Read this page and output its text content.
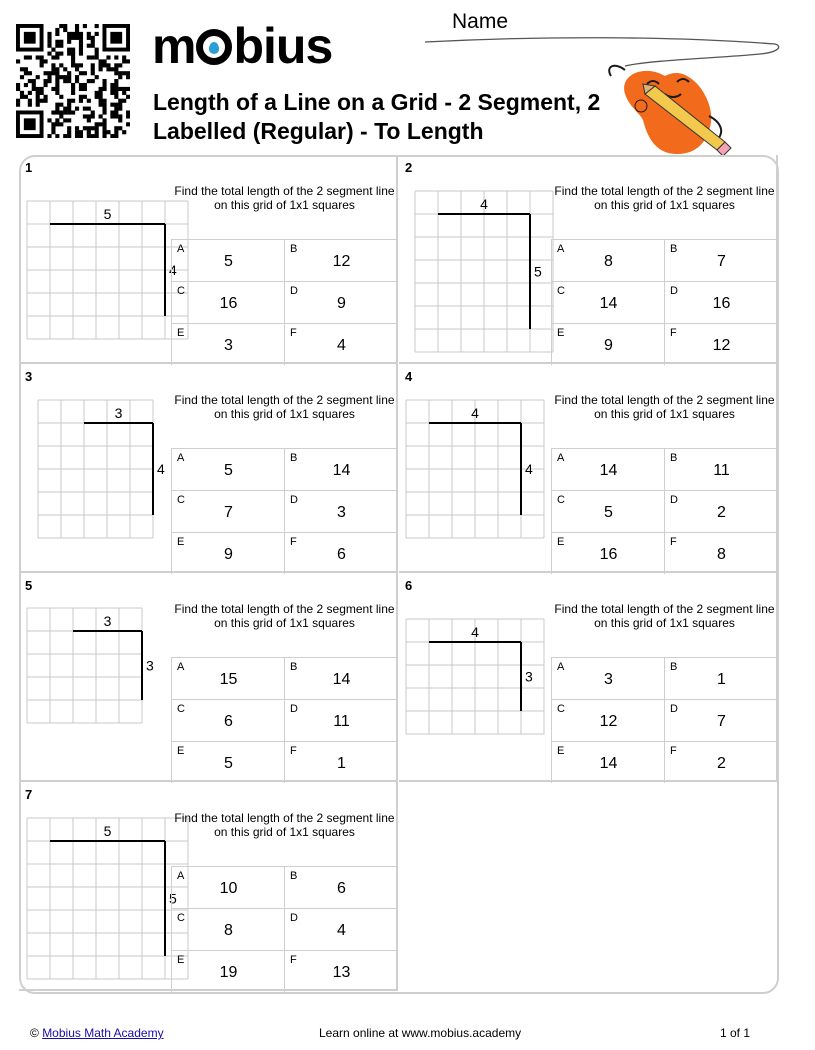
m bius
Length of a Line on a Grid - 2 Segment, 2 Labelled (Regular) - To Length
Name
1
5
4
Find the total length of the 2 segment line on this grid of 1x1 squares
A
5
B
12
C
16
D
9
E
3
F
4
2
4
5
Find the total length of the 2 segment line on this grid of 1x1 squares
A
8
B
7
C
14
D
16
E
9
F
12
3
3
4
Find the total length of the 2 segment line on this grid of 1x1 squares
A
5
B
14
C
7
D
3
E
9
F
6
4
4
4
Find the total length of the 2 segment line on this grid of 1x1 squares
A
14
B
11
C
5
D
2
E
16
F
8
5
3
3
Find the total length of the 2 segment line on this grid of 1x1 squares
A
15
B
14
C
6
D
11
E
5
F
1
6
4
3
Find the total length of the 2 segment line on this grid of 1x1 squares
A
3
B
1
C
12
D
7
E
14
F
2
7
5
5
Find the total length of the 2 segment line on this grid of 1x1 squares
A
10
B
6
C
8
D
4
E
19
F
13
© Mobius Math Academy	Learn online at www.mobius.academy	1 of 1
